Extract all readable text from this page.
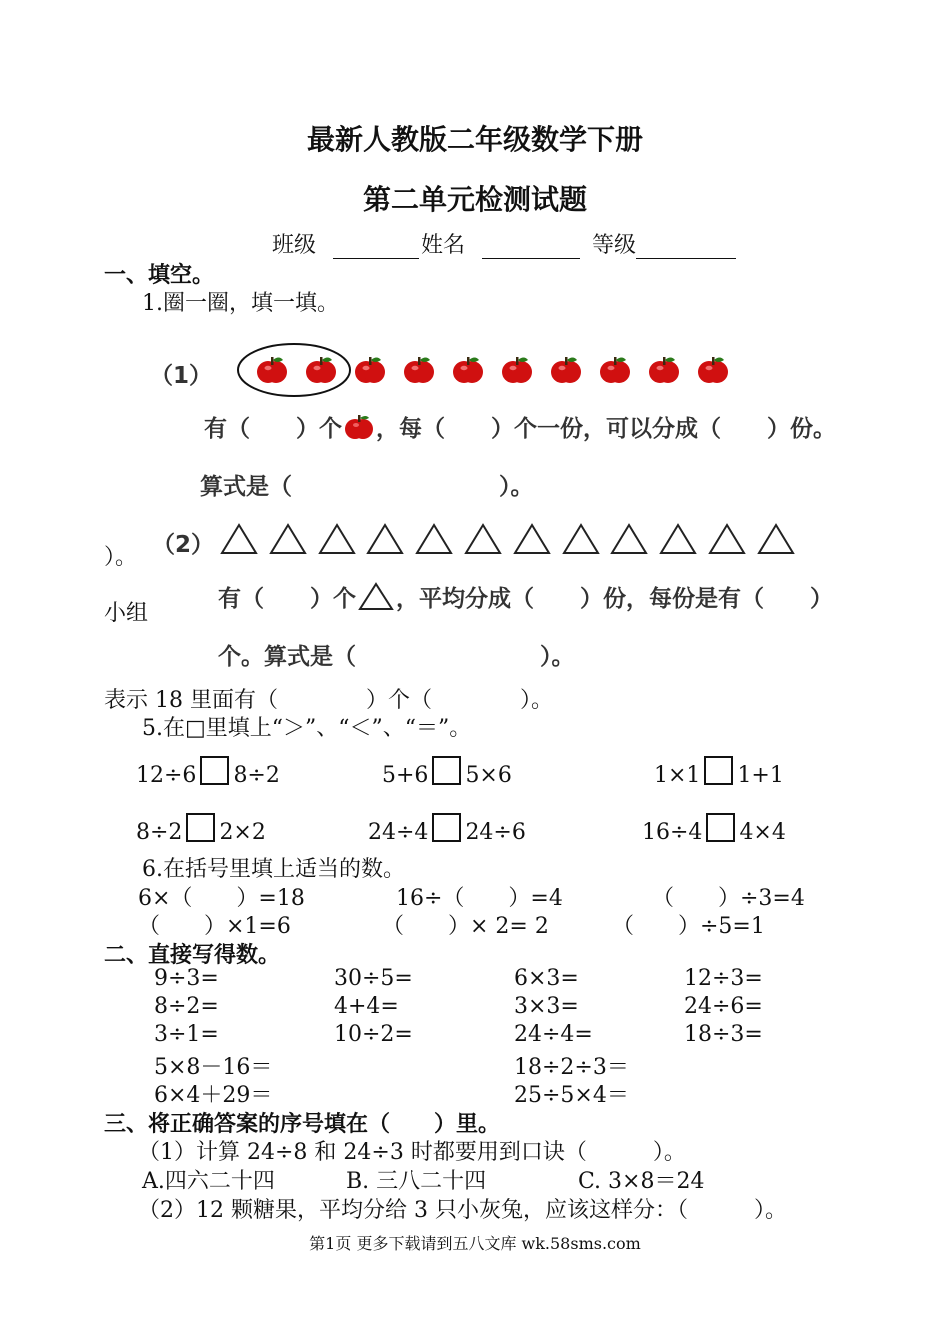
最新人教版二年级数学下册
第二单元检测试题
班级	姓名	等级
一、填空。
1.圈一圈，填一填。
（1）
有（　　）个 ，每（　　）个一份，可以分成（　　）份。
算式是（　　　　　　　　　）。
）。
小组
（2）
有（　　）个 ，平均分成（　　）份，每份是有（　　）
个。算式是（　　　　　　　　）。
表示 18 里面有（　　　　）个（　　　　）。
5.在□里填上“＞”、“＜”、“＝”。
12÷6 8÷2	5+6 5×6	1×1 1+1
8÷2 2×2	24÷4 24÷6	16÷4 4×4
6.在括号里填上适当的数。
6×（　　）=18	16÷（　　）=4	（　　）÷3=4
（　　）×1=6	（　　）× 2= 2	（　　）÷5=1
二、直接写得数。
9÷3=	30÷5=	6×3=	12÷3=
8÷2=	4+4=	3×3=	24÷6=
3÷1=	10÷2=	24÷4=	18÷3=
5×8－16＝	18÷2÷3＝
6×4＋29＝	25÷5×4＝
三、将正确答案的序号填在（　　）里。
（1）计算 24÷8 和 24÷3 时都要用到口诀（　　　）。
A.四六二十四	B. 三八二十四	C. 3×8＝24
（2）12 颗糖果，平均分给 3 只小灰兔，应该这样分：（　　　）。
第1页 更多下载请到五八文库 wk.58sms.com
